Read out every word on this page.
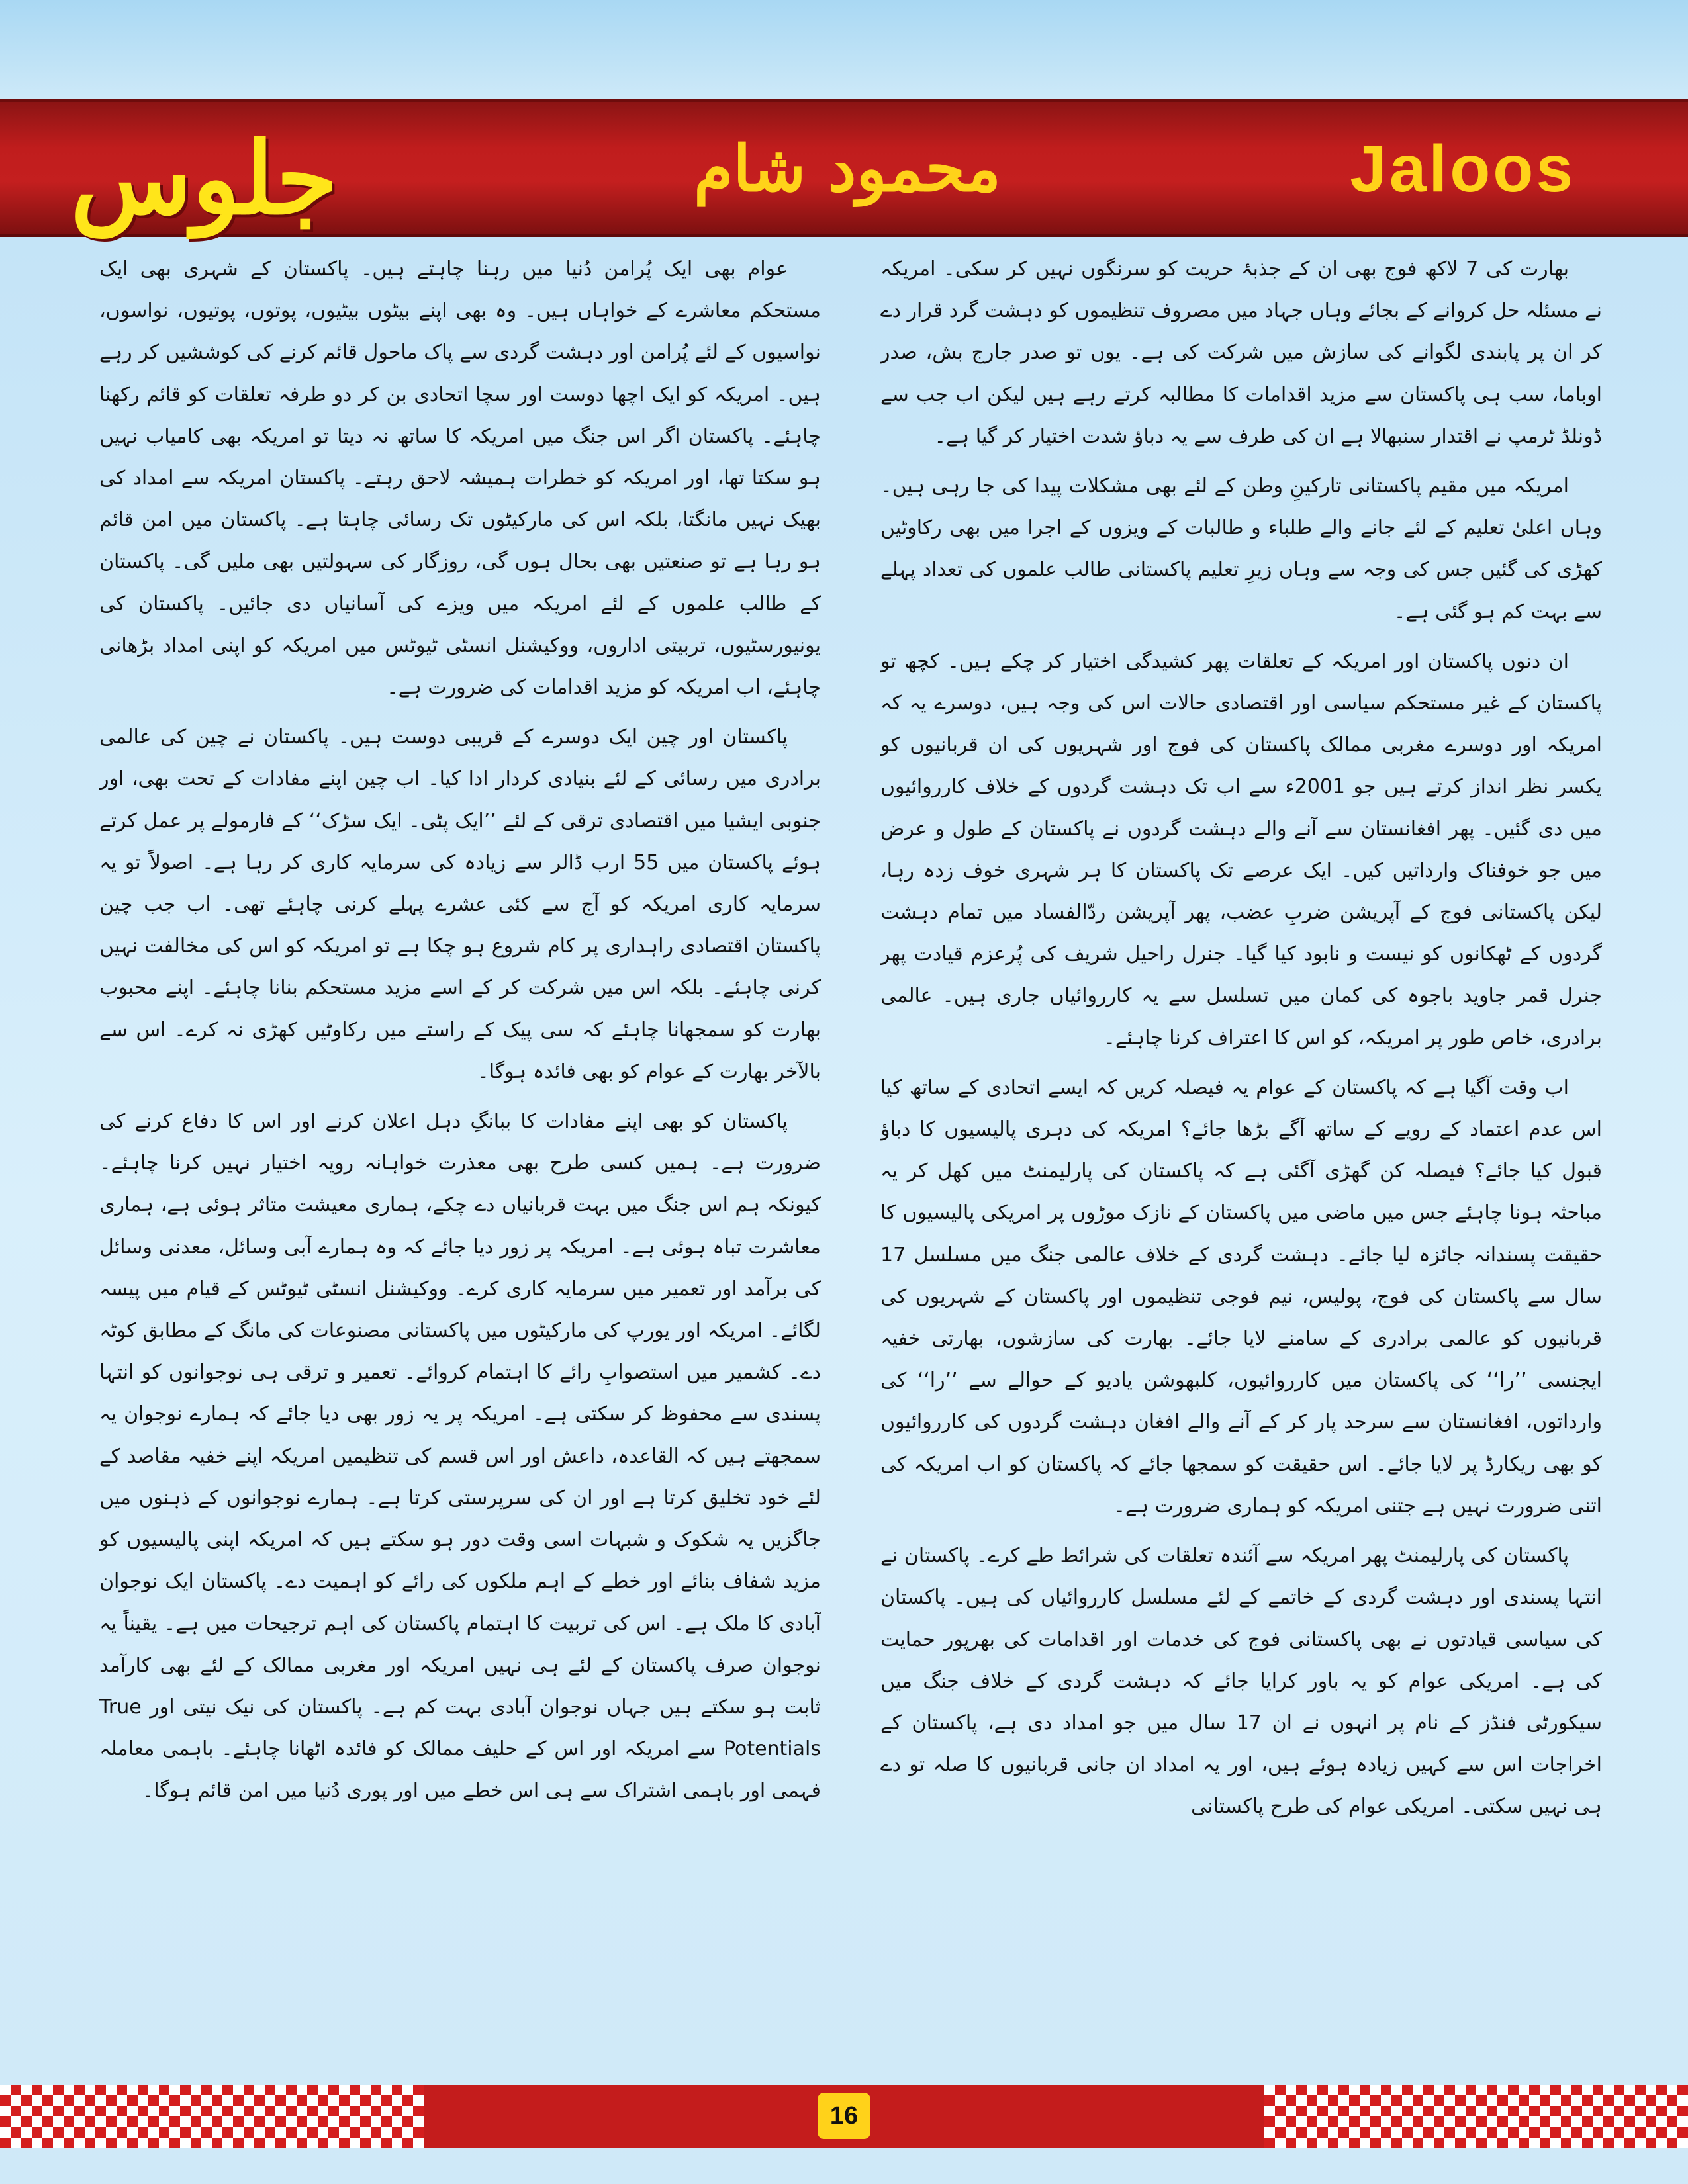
جلوس	محمود شام	Jaloos

بھارت کی 7 لاکھ فوج بھی ان کے جذبۂ حریت کو سرنگوں نہیں کر سکی۔ امریکہ نے مسئلہ حل کروانے کے بجائے وہاں جہاد میں مصروف تنظیموں کو دہشت گرد قرار دے کر ان پر پابندی لگوانے کی سازش میں شرکت کی ہے۔ یوں تو صدر جارج بش، صدر اوباما، سب ہی پاکستان سے مزید اقدامات کا مطالبہ کرتے رہے ہیں لیکن اب جب سے ڈونلڈ ٹرمپ نے اقتدار سنبھالا ہے ان کی طرف سے یہ دباؤ شدت اختیار کر گیا ہے۔

امریکہ میں مقیم پاکستانی تارکینِ وطن کے لئے بھی مشکلات پیدا کی جا رہی ہیں۔ وہاں اعلیٰ تعلیم کے لئے جانے والے طلباء و طالبات کے ویزوں کے اجرا میں بھی رکاوٹیں کھڑی کی گئیں جس کی وجہ سے وہاں زیرِ تعلیم پاکستانی طالب علموں کی تعداد پہلے سے بہت کم ہو گئی ہے۔

ان دنوں پاکستان اور امریکہ کے تعلقات پھر کشیدگی اختیار کر چکے ہیں۔ کچھ تو پاکستان کے غیر مستحکم سیاسی اور اقتصادی حالات اس کی وجہ ہیں، دوسرے یہ کہ امریکہ اور دوسرے مغربی ممالک پاکستان کی فوج اور شہریوں کی ان قربانیوں کو یکسر نظر انداز کرتے ہیں جو 2001ء سے اب تک دہشت گردوں کے خلاف کارروائیوں میں دی گئیں۔ پھر افغانستان سے آنے والے دہشت گردوں نے پاکستان کے طول و عرض میں جو خوفناک وارداتیں کیں۔ ایک عرصے تک پاکستان کا ہر شہری خوف زدہ رہا، لیکن پاکستانی فوج کے آپریشن ضربِ عضب، پھر آپریشن ردّالفساد میں تمام دہشت گردوں کے ٹھکانوں کو نیست و نابود کیا گیا۔ جنرل راحیل شریف کی پُرعزم قیادت پھر جنرل قمر جاوید باجوہ کی کمان میں تسلسل سے یہ کارروائیاں جاری ہیں۔ عالمی برادری، خاص طور پر امریکہ، کو اس کا اعتراف کرنا چاہئے۔

اب وقت آگیا ہے کہ پاکستان کے عوام یہ فیصلہ کریں کہ ایسے اتحادی کے ساتھ کیا اس عدم اعتماد کے رویے کے ساتھ آگے بڑھا جائے؟ امریکہ کی دہری پالیسیوں کا دباؤ قبول کیا جائے؟ فیصلہ کن گھڑی آگئی ہے کہ پاکستان کی پارلیمنٹ میں کھل کر یہ مباحثہ ہونا چاہئے جس میں ماضی میں پاکستان کے نازک موڑوں پر امریکی پالیسیوں کا حقیقت پسندانہ جائزہ لیا جائے۔ دہشت گردی کے خلاف عالمی جنگ میں مسلسل 17 سال سے پاکستان کی فوج، پولیس، نیم فوجی تنظیموں اور پاکستان کے شہریوں کی قربانیوں کو عالمی برادری کے سامنے لایا جائے۔ بھارت کی سازشوں، بھارتی خفیہ ایجنسی ’’را‘‘ کی پاکستان میں کارروائیوں، کلبھوشن یادیو کے حوالے سے ’’را‘‘ کی وارداتوں، افغانستان سے سرحد پار کر کے آنے والے افغان دہشت گردوں کی کارروائیوں کو بھی ریکارڈ پر لایا جائے۔ اس حقیقت کو سمجھا جائے کہ پاکستان کو اب امریکہ کی اتنی ضرورت نہیں ہے جتنی امریکہ کو ہماری ضرورت ہے۔

پاکستان کی پارلیمنٹ پھر امریکہ سے آئندہ تعلقات کی شرائط طے کرے۔ پاکستان نے انتہا پسندی اور دہشت گردی کے خاتمے کے لئے مسلسل کارروائیاں کی ہیں۔ پاکستان کی سیاسی قیادتوں نے بھی پاکستانی فوج کی خدمات اور اقدامات کی بھرپور حمایت کی ہے۔ امریکی عوام کو یہ باور کرایا جائے کہ دہشت گردی کے خلاف جنگ میں سیکورٹی فنڈز کے نام پر انہوں نے ان 17 سال میں جو امداد دی ہے، پاکستان کے اخراجات اس سے کہیں زیادہ ہوئے ہیں، اور یہ امداد ان جانی قربانیوں کا صلہ تو دے ہی نہیں سکتی۔ امریکی عوام کی طرح پاکستانی

عوام بھی ایک پُرامن دُنیا میں رہنا چاہتے ہیں۔ پاکستان کے شہری بھی ایک مستحکم معاشرے کے خواہاں ہیں۔ وہ بھی اپنے بیٹوں بیٹیوں، پوتوں، پوتیوں، نواسوں، نواسیوں کے لئے پُرامن اور دہشت گردی سے پاک ماحول قائم کرنے کی کوششیں کر رہے ہیں۔ امریکہ کو ایک اچھا دوست اور سچا اتحادی بن کر دو طرفہ تعلقات کو قائم رکھنا چاہئے۔ پاکستان اگر اس جنگ میں امریکہ کا ساتھ نہ دیتا تو امریکہ بھی کامیاب نہیں ہو سکتا تھا، اور امریکہ کو خطرات ہمیشہ لاحق رہتے۔ پاکستان امریکہ سے امداد کی بھیک نہیں مانگتا، بلکہ اس کی مارکیٹوں تک رسائی چاہتا ہے۔ پاکستان میں امن قائم ہو رہا ہے تو صنعتیں بھی بحال ہوں گی، روزگار کی سہولتیں بھی ملیں گی۔ پاکستان کے طالب علموں کے لئے امریکہ میں ویزے کی آسانیاں دی جائیں۔ پاکستان کی یونیورسٹیوں، تربیتی اداروں، ووکیشنل انسٹی ٹیوٹس میں امریکہ کو اپنی امداد بڑھانی چاہئے، اب امریکہ کو مزید اقدامات کی ضرورت ہے۔

پاکستان اور چین ایک دوسرے کے قریبی دوست ہیں۔ پاکستان نے چین کی عالمی برادری میں رسائی کے لئے بنیادی کردار ادا کیا۔ اب چین اپنے مفادات کے تحت بھی، اور جنوبی ایشیا میں اقتصادی ترقی کے لئے ’’ایک پٹی۔ ایک سڑک‘‘ کے فارمولے پر عمل کرتے ہوئے پاکستان میں 55 ارب ڈالر سے زیادہ کی سرمایہ کاری کر رہا ہے۔ اصولاً تو یہ سرمایہ کاری امریکہ کو آج سے کئی عشرے پہلے کرنی چاہئے تھی۔ اب جب چین پاکستان اقتصادی راہداری پر کام شروع ہو چکا ہے تو امریکہ کو اس کی مخالفت نہیں کرنی چاہئے۔ بلکہ اس میں شرکت کر کے اسے مزید مستحکم بنانا چاہئے۔ اپنے محبوب بھارت کو سمجھانا چاہئے کہ سی پیک کے راستے میں رکاوٹیں کھڑی نہ کرے۔ اس سے بالآخر بھارت کے عوام کو بھی فائدہ ہوگا۔

پاکستان کو بھی اپنے مفادات کا ببانگِ دہل اعلان کرنے اور اس کا دفاع کرنے کی ضرورت ہے۔ ہمیں کسی طرح بھی معذرت خواہانہ رویہ اختیار نہیں کرنا چاہئے۔ کیونکہ ہم اس جنگ میں بہت قربانیاں دے چکے، ہماری معیشت متاثر ہوئی ہے، ہماری معاشرت تباہ ہوئی ہے۔ امریکہ پر زور دیا جائے کہ وہ ہمارے آبی وسائل، معدنی وسائل کی برآمد اور تعمیر میں سرمایہ کاری کرے۔ ووکیشنل انسٹی ٹیوٹس کے قیام میں پیسہ لگائے۔ امریکہ اور یورپ کی مارکیٹوں میں پاکستانی مصنوعات کی مانگ کے مطابق کوٹہ دے۔ کشمیر میں استصوابِ رائے کا اہتمام کروائے۔ تعمیر و ترقی ہی نوجوانوں کو انتہا پسندی سے محفوظ کر سکتی ہے۔ امریکہ پر یہ زور بھی دیا جائے کہ ہمارے نوجوان یہ سمجھتے ہیں کہ القاعدہ، داعش اور اس قسم کی تنظیمیں امریکہ اپنے خفیہ مقاصد کے لئے خود تخلیق کرتا ہے اور ان کی سرپرستی کرتا ہے۔ ہمارے نوجوانوں کے ذہنوں میں جاگزیں یہ شکوک و شبہات اسی وقت دور ہو سکتے ہیں کہ امریکہ اپنی پالیسیوں کو مزید شفاف بنائے اور خطے کے اہم ملکوں کی رائے کو اہمیت دے۔ پاکستان ایک نوجوان آبادی کا ملک ہے۔ اس کی تربیت کا اہتمام پاکستان کی اہم ترجیحات میں ہے۔ یقیناً یہ نوجوان صرف پاکستان کے لئے ہی نہیں امریکہ اور مغربی ممالک کے لئے بھی کارآمد ثابت ہو سکتے ہیں جہاں نوجوان آبادی بہت کم ہے۔ پاکستان کی نیک نیتی اور True Potentials سے امریکہ اور اس کے حلیف ممالک کو فائدہ اٹھانا چاہئے۔ باہمی معاملہ فہمی اور باہمی اشتراک سے ہی اس خطے میں اور پوری دُنیا میں امن قائم ہوگا۔

16
